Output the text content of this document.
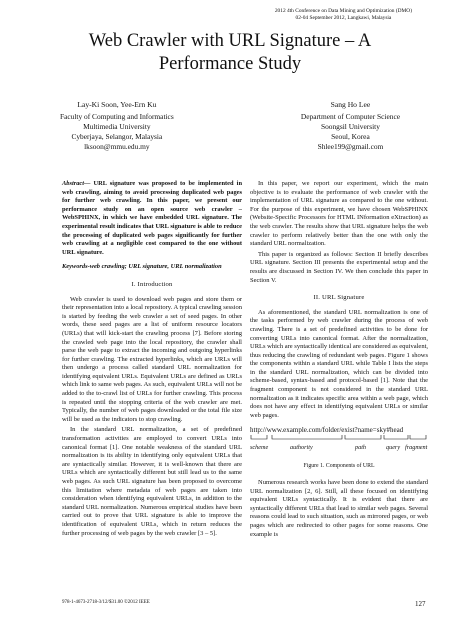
2012 4th Conference on Data Mining and Optimization (DMO)
02-04 September 2012, Langkawi, Malaysia
Web Crawler with URL Signature – A Performance Study
Lay-Ki Soon, Yee-Ern Ku
Faculty of Computing and Informatics
Multimedia University
Cyberjaya, Selangor, Malaysia
lksoon@mmu.edu.my
Sang Ho Lee
Department of Computer Science
Soongsil University
Seoul, Korea
Shlee199@gmail.com

Abstract— URL signature was proposed to be implemented in web crawling, aiming to avoid processing duplicated web pages for further web crawling. In this paper, we present our performance study on an open source web crawler – WebSPHINX, in which we have embedded URL signature. The experimental result indicates that URL signature is able to reduce the processing of duplicated web pages significantly for further web crawling at a negligible cost compared to the one without URL signature.

Keywords-web crawling; URL signature, URL normalization

I. Introduction

Web crawler is used to download web pages and store them or their representation into a local repository. A typical crawling session is started by feeding the web crawler a set of seed pages. In other words, these seed pages are a list of uniform resource locators (URLs) that will kick-start the crawling process [7]. Before storing the crawled web page into the local repository, the crawler shall parse the web page to extract the incoming and outgoing hyperlinks for further crawling. The extracted hyperlinks, which are URLs will then undergo a process called standard URL normalization for identifying equivalent URLs. Equivalent URLs are defined as URLs which link to same web pages. As such, equivalent URLs will not be added to the to-crawl list of URLs for further crawling. This process is repeated until the stopping criteria of the web crawler are met. Typically, the number of web pages downloaded or the total file size will be used as the indicators to stop crawling.

In the standard URL normalization, a set of predefined transformation activities are employed to convert URLs into canonical format [1]. One notable weakness of the standard URL normalization is its ability in identifying only equivalent URLs that are syntactically similar. However, it is well-known that there are URLs which are syntactically different but still lead us to the same web pages. As such URL signature has been proposed to overcome this limitation where metadata of web pages are taken into consideration when identifying equivalent URLs, in addition to the standard URL normalization. Numerous empirical studies have been carried out to prove that URL signature is able to improve the identification of equivalent URLs, which in return reduces the further processing of web pages by the web crawler [3 – 5].

In this paper, we report our experiment, which the main objective is to evaluate the performance of web crawler with the implementation of URL signature as compared to the one without. For the purpose of this experiment, we have chosen WebSPHINX (Website-Specific Processors for HTML INformation eXtraction) as the web crawler. The results show that URL signature helps the web crawler to perform relatively better than the one with only the standard URL normalization.

This paper is organized as follows: Section II briefly describes URL signature. Section III presents the experimental setup and the results are discussed in Section IV. We then conclude this paper in Section V.

II. URL Signature

As aforementioned, the standard URL normalization is one of the tasks performed by web crawler during the process of web crawling. There is a set of predefined activities to be done for converting URLs into canonical format. After the normalization, URLs which are syntactically identical are considered as equivalent, thus reducing the crawling of redundant web pages. Figure 1 shows the components within a standard URL while Table I lists the steps in the standard URL normalization, which can be divided into scheme-based, syntax-based and protocol-based [1]. Note that the fragment component is not considered in the standard URL normalization as it indicates specific area within a web page, which does not have any effect in identifying equivalent URLs or similar web pages.

http://www.example.com/folder/exist?name=sky#head
scheme	authority	path	query fragment

Figure 1. Components of URL

Numerous research works have been done to extend the standard URL normalization [2, 6]. Still, all these focused on identifying equivalent URLs syntactically. It is evident that there are syntactically different URLs that lead to similar web pages. Several reasons could lead to such situation, such as mirrored pages, or web pages which are redirected to other pages for some reasons. One example is

978-1-4673-2718-3/12/$31.00 ©2012 IEEE	127
